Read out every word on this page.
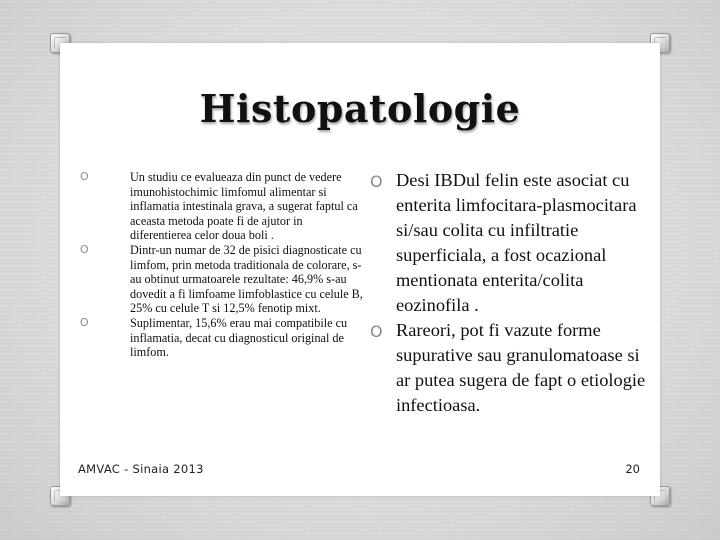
Histopatologie
O	Un studiu ce evalueaza din punct de vedere imunohistochimic limfomul alimentar si inflamatia intestinala grava, a sugerat faptul ca aceasta metoda poate fi de ajutor in diferentierea celor doua boli .
O	Dintr-un numar de 32 de pisici diagnosticate cu limfom, prin metoda traditionala de colorare, s-au obtinut urmatoarele rezultate: 46,9% s-au dovedit a fi limfoame limfoblastice cu celule B, 25% cu celule T si 12,5% fenotip mixt.
O	Suplimentar, 15,6% erau mai compatibile cu inflamatia, decat cu diagnosticul original de limfom.
O Desi IBDul felin este asociat cu enterita limfocitara-plasmocitara si/sau colita cu infiltratie superficiala, a fost ocazional mentionata enterita/colita eozinofila .
O Rareori, pot fi vazute forme supurative sau granulomatoase si ar putea sugera de fapt o etiologie infectioasa.
AMVAC - Sinaia 2013	20
